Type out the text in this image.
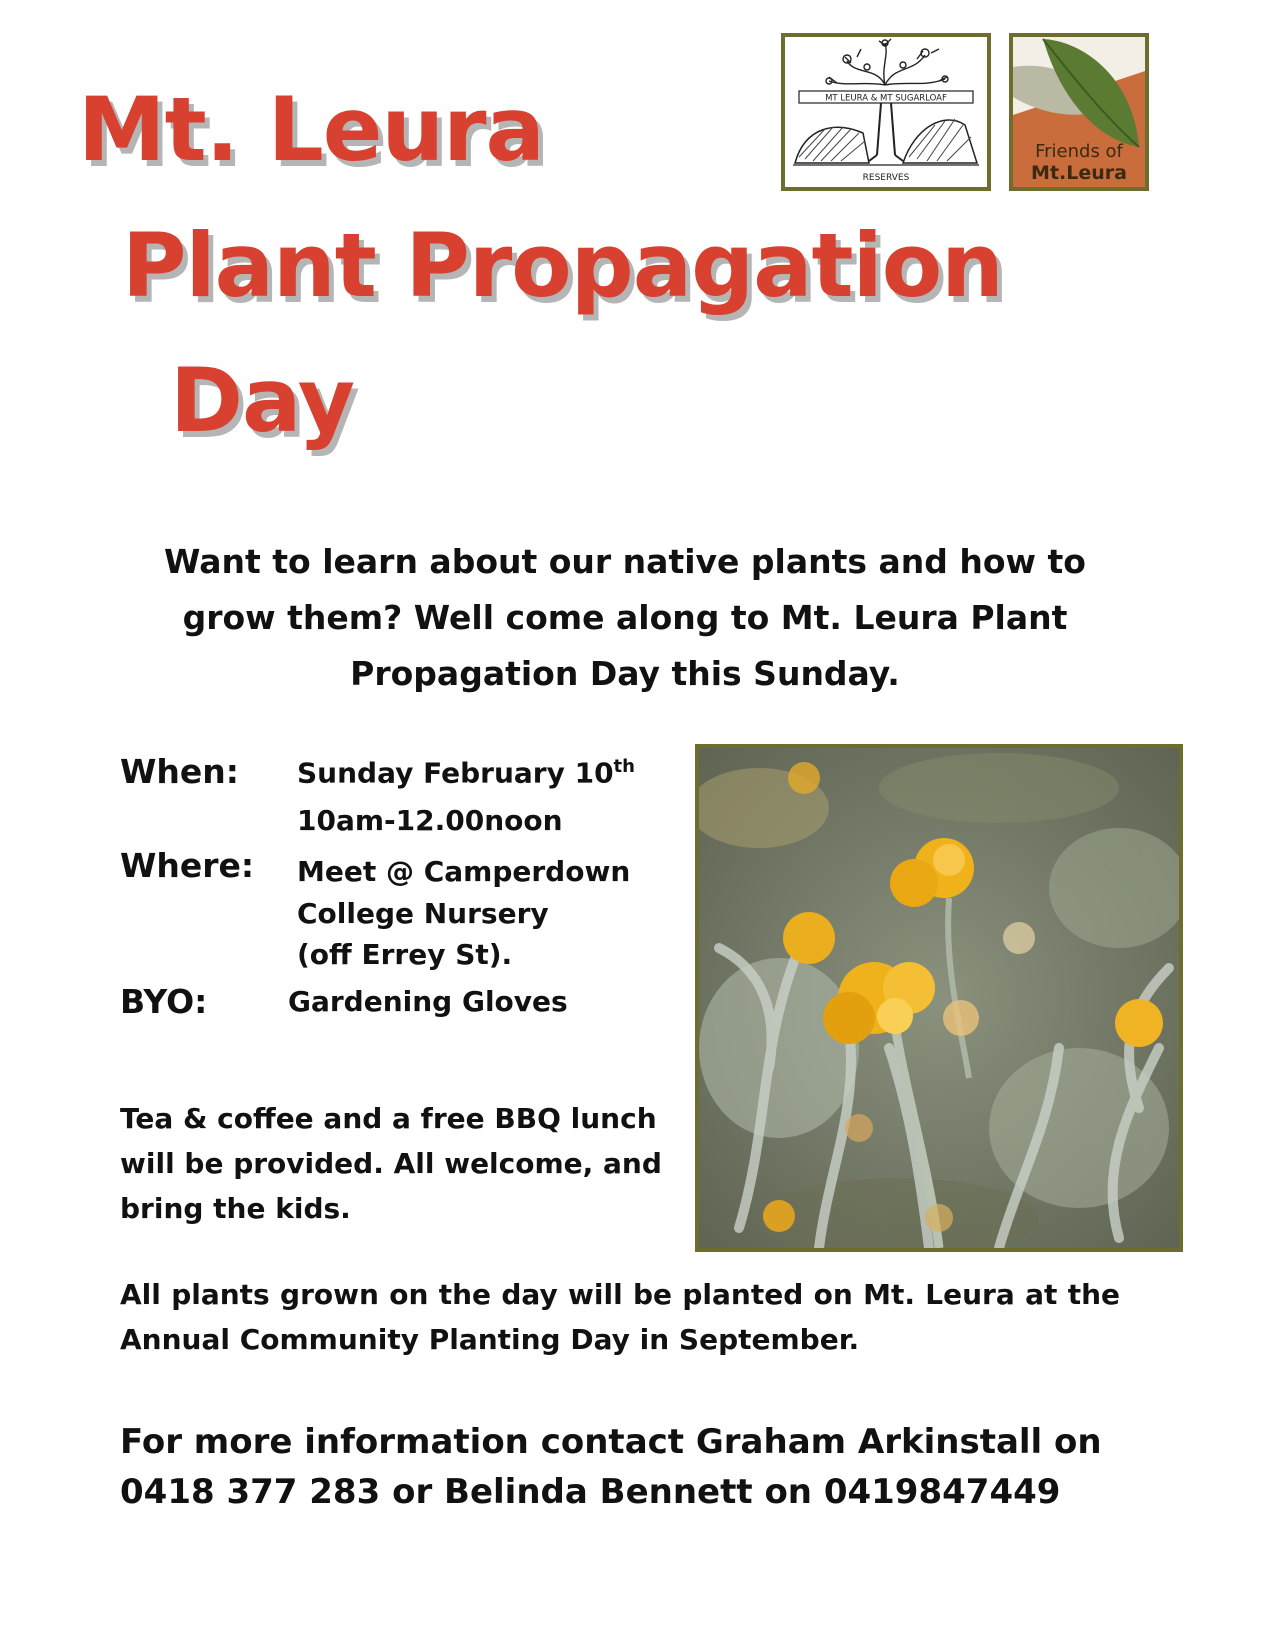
Mt. Leura
Plant Propagation
Day
MT LEURA & MT SUGARLOAF
RESERVES
Friends of
Mt.Leura
Want to learn about our native plants and how to
grow them? Well come along to Mt. Leura Plant
Propagation Day this Sunday.
When: Sunday February 10th
10am-12.00noon
Where: Meet @ Camperdown
College Nursery
(off Errey St).
BYO:	Gardening Gloves

Tea & coffee and a free BBQ lunch

will be provided. All welcome, and

bring the kids.

All plants grown on the day will be planted on Mt. Leura at the

Annual Community Planting Day in September.

For more information contact Graham Arkinstall on
0418 377 283 or Belinda Bennett on 0419847449
